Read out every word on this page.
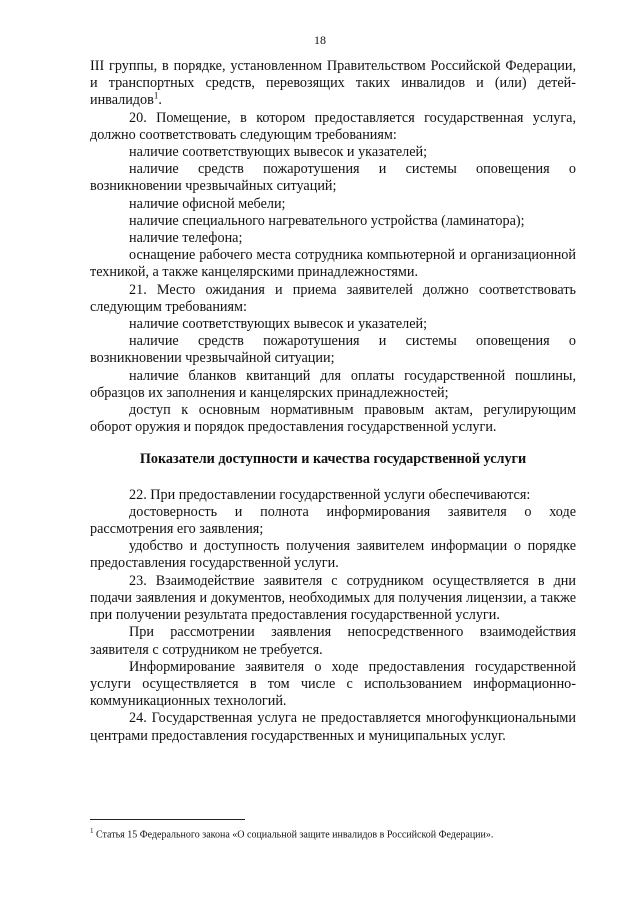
18

III группы, в порядке, установленном Правительством Российской Федерации, и транспортных средств, перевозящих таких инвалидов и (или) детей-инвалидов$^1$.

20. Помещение, в котором предоставляется государственная услуга, должно соответствовать следующим требованиям:

наличие соответствующих вывесок и указателей;

наличие средств пожаротушения и системы оповещения о возникновении чрезвычайных ситуаций;

наличие офисной мебели;

наличие специального нагревательного устройства (ламинатора);

наличие телефона;

оснащение рабочего места сотрудника компьютерной и организационной техникой, а также канцелярскими принадлежностями.

21. Место ожидания и приема заявителей должно соответствовать следующим требованиям:

наличие соответствующих вывесок и указателей;

наличие средств пожаротушения и системы оповещения о возникновении чрезвычайной ситуации;

наличие бланков квитанций для оплаты государственной пошлины, образцов их заполнения и канцелярских принадлежностей;

доступ к основным нормативным правовым актам, регулирующим оборот оружия и порядок предоставления государственной услуги.

Показатели доступности и качества государственной услуги

22. При предоставлении государственной услуги обеспечиваются:

достоверность и полнота информирования заявителя о ходе рассмотрения его заявления;

удобство и доступность получения заявителем информации о порядке предоставления государственной услуги.

23. Взаимодействие заявителя с сотрудником осуществляется в дни подачи заявления и документов, необходимых для получения лицензии, а также при получении результата предоставления государственной услуги.

При рассмотрении заявления непосредственного взаимодействия заявителя с сотрудником не требуется.

Информирование заявителя о ходе предоставления государственной услуги осуществляется в том числе с использованием информационно-коммуникационных технологий.

24. Государственная услуга не предоставляется многофункциональными центрами предоставления государственных и муниципальных услуг.

$^1$ Статья 15 Федерального закона «О социальной защите инвалидов в Российской Федерации».
